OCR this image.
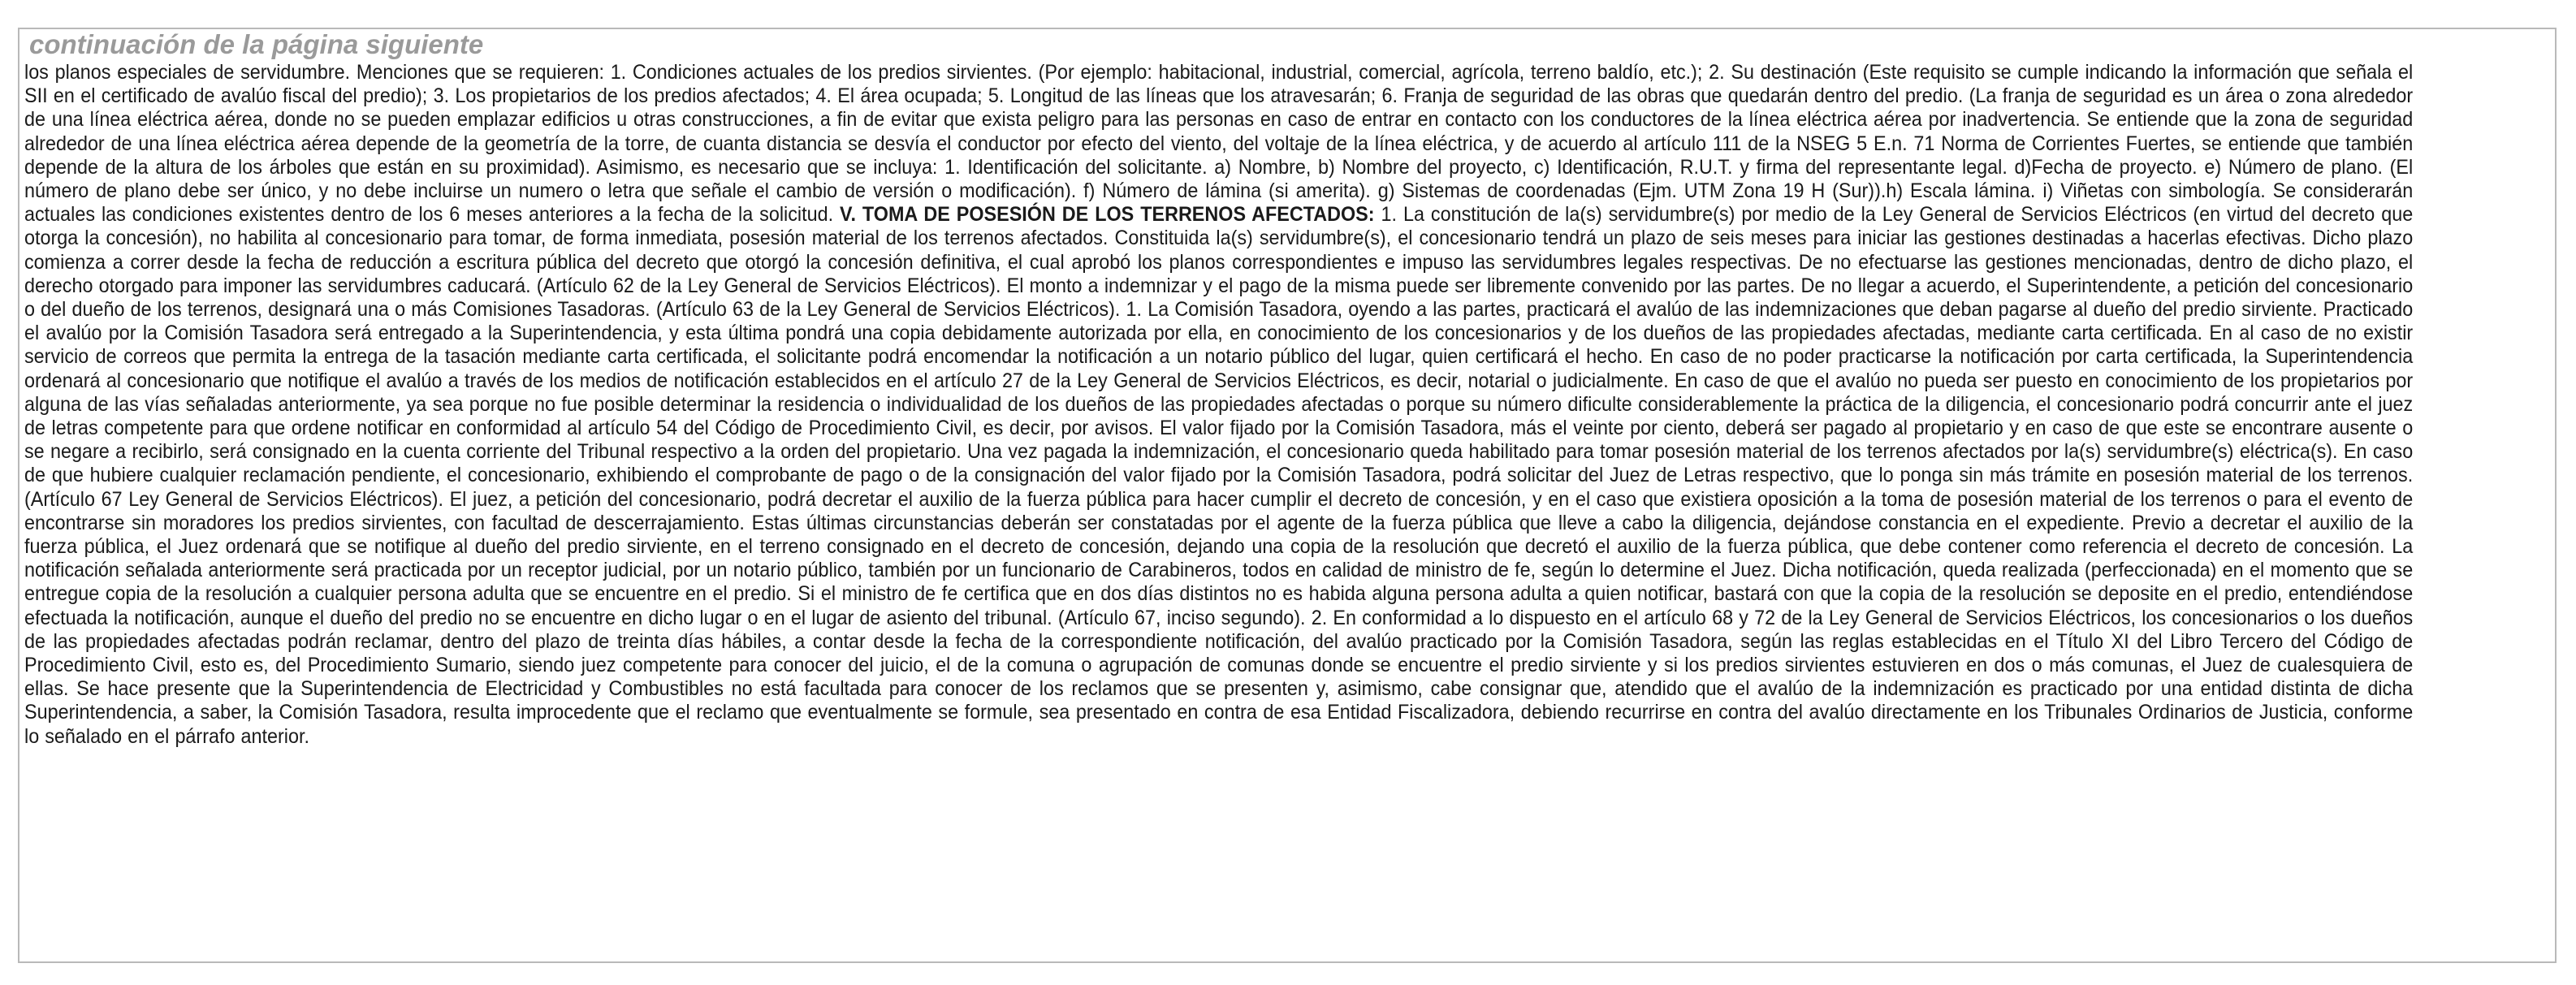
continuación de la página siguiente
los planos especiales de servidumbre. Menciones que se requieren: 1. Condiciones actuales de los predios sirvientes. (Por ejemplo: habitacional, industrial, comercial, agrícola, terreno baldío, etc.); 2. Su destinación (Este requisito se cumple indicando la información que señala el SII en el certificado de avalúo fiscal del predio); 3. Los propietarios de los predios afectados; 4. El área ocupada; 5. Longitud de las líneas que los atravesarán; 6. Franja de seguridad de las obras que quedarán dentro del predio. (La franja de seguridad es un área o zona alrededor de una línea eléctrica aérea, donde no se pueden emplazar edificios u otras construcciones, a fin de evitar que exista peligro para las personas en caso de entrar en contacto con los conductores de la línea eléctrica aérea por inadvertencia. Se entiende que la zona de seguridad alrededor de una línea eléctrica aérea depende de la geometría de la torre, de cuanta distancia se desvía el conductor por efecto del viento, del voltaje de la línea eléctrica, y de acuerdo al artículo 111 de la NSEG 5 E.n. 71 Norma de Corrientes Fuertes, se entiende que también depende de la altura de los árboles que están en su proximidad). Asimismo, es necesario que se incluya: 1. Identificación del solicitante. a) Nombre, b) Nombre del proyecto, c) Identificación, R.U.T. y firma del representante legal. d)Fecha de proyecto. e) Número de plano. (El número de plano debe ser único, y no debe incluirse un numero o letra que señale el cambio de versión o modificación). f) Número de lámina (si amerita). g) Sistemas de coordenadas (Ejm. UTM Zona 19 H (Sur)).h) Escala lámina. i) Viñetas con simbología. Se considerarán actuales las condiciones existentes dentro de los 6 meses anteriores a la fecha de la solicitud. V. TOMA DE POSESIÓN DE LOS TERRENOS AFECTADOS: 1. La constitución de la(s) servidumbre(s) por medio de la Ley General de Servicios Eléctricos (en virtud del decreto que otorga la concesión), no habilita al concesionario para tomar, de forma inmediata, posesión material de los terrenos afectados. Constituida la(s) servidumbre(s), el concesionario tendrá un plazo de seis meses para iniciar las gestiones destinadas a hacerlas efectivas. Dicho plazo comienza a correr desde la fecha de reducción a escritura pública del decreto que otorgó la concesión definitiva, el cual aprobó los planos correspondientes e impuso las servidumbres legales respectivas. De no efectuarse las gestiones mencionadas, dentro de dicho plazo, el derecho otorgado para imponer las servidumbres caducará. (Artículo 62 de la Ley General de Servicios Eléctricos). El monto a indemnizar y el pago de la misma puede ser libremente convenido por las partes. De no llegar a acuerdo, el Superintendente, a petición del concesionario o del dueño de los terrenos, designará una o más Comisiones Tasadoras. (Artículo 63 de la Ley General de Servicios Eléctricos). 1. La Comisión Tasadora, oyendo a las partes, practicará el avalúo de las indemnizaciones que deban pagarse al dueño del predio sirviente. Practicado el avalúo por la Comisión Tasadora será entregado a la Superintendencia, y esta última pondrá una copia debidamente autorizada por ella, en conocimiento de los concesionarios y de los dueños de las propiedades afectadas, mediante carta certificada. En al caso de no existir servicio de correos que permita la entrega de la tasación mediante carta certificada, el solicitante podrá encomendar la notificación a un notario público del lugar, quien certificará el hecho. En caso de no poder practicarse la notificación por carta certificada, la Superintendencia ordenará al concesionario que notifique el avalúo a través de los medios de notificación establecidos en el artículo 27 de la Ley General de Servicios Eléctricos, es decir, notarial o judicialmente. En caso de que el avalúo no pueda ser puesto en conocimiento de los propietarios por alguna de las vías señaladas anteriormente, ya sea porque no fue posible determinar la residencia o individualidad de los dueños de las propiedades afectadas o porque su número dificulte considerablemente la práctica de la diligencia, el concesionario podrá concurrir ante el juez de letras competente para que ordene notificar en conformidad al artículo 54 del Código de Procedimiento Civil, es decir, por avisos. El valor fijado por la Comisión Tasadora, más el veinte por ciento, deberá ser pagado al propietario y en caso de que este se encontrare ausente o se negare a recibirlo, será consignado en la cuenta corriente del Tribunal respectivo a la orden del propietario. Una vez pagada la indemnización, el concesionario queda habilitado para tomar posesión material de los terrenos afectados por la(s) servidumbre(s) eléctrica(s). En caso de que hubiere cualquier reclamación pendiente, el concesionario, exhibiendo el comprobante de pago o de la consignación del valor fijado por la Comisión Tasadora, podrá solicitar del Juez de Letras respectivo, que lo ponga sin más trámite en posesión material de los terrenos. (Artículo 67 Ley General de Servicios Eléctricos). El juez, a petición del concesionario, podrá decretar el auxilio de la fuerza pública para hacer cumplir el decreto de concesión, y en el caso que existiera oposición a la toma de posesión material de los terrenos o para el evento de encontrarse sin moradores los predios sirvientes, con facultad de descerrajamiento. Estas últimas circunstancias deberán ser constatadas por el agente de la fuerza pública que lleve a cabo la diligencia, dejándose constancia en el expediente. Previo a decretar el auxilio de la fuerza pública, el Juez ordenará que se notifique al dueño del predio sirviente, en el terreno consignado en el decreto de concesión, dejando una copia de la resolución que decretó el auxilio de la fuerza pública, que debe contener como referencia el decreto de concesión. La notificación señalada anteriormente será practicada por un receptor judicial, por un notario público, también por un funcionario de Carabineros, todos en calidad de ministro de fe, según lo determine el Juez. Dicha notificación, queda realizada (perfeccionada) en el momento que se entregue copia de la resolución a cualquier persona adulta que se encuentre en el predio. Si el ministro de fe certifica que en dos días distintos no es habida alguna persona adulta a quien notificar, bastará con que la copia de la resolución se deposite en el predio, entendiéndose efectuada la notificación, aunque el dueño del predio no se encuentre en dicho lugar o en el lugar de asiento del tribunal. (Artículo 67, inciso segundo). 2. En conformidad a lo dispuesto en el artículo 68 y 72 de la Ley General de Servicios Eléctricos, los concesionarios o los dueños de las propiedades afectadas podrán reclamar, dentro del plazo de treinta días hábiles, a contar desde la fecha de la correspondiente notificación, del avalúo practicado por la Comisión Tasadora, según las reglas establecidas en el Título XI del Libro Tercero del Código de Procedimiento Civil, esto es, del Procedimiento Sumario, siendo juez competente para conocer del juicio, el de la comuna o agrupación de comunas donde se encuentre el predio sirviente y si los predios sirvientes estuvieren en dos o más comunas, el Juez de cualesquiera de ellas. Se hace presente que la Superintendencia de Electricidad y Combustibles no está facultada para conocer de los reclamos que se presenten y, asimismo, cabe consignar que, atendido que el avalúo de la indemnización es practicado por una entidad distinta de dicha Superintendencia, a saber, la Comisión Tasadora, resulta improcedente que el reclamo que eventualmente se formule, sea presentado en contra de esa Entidad Fiscalizadora, debiendo recurrirse en contra del avalúo directamente en los Tribunales Ordinarios de Justicia, conforme lo señalado en el párrafo anterior.
